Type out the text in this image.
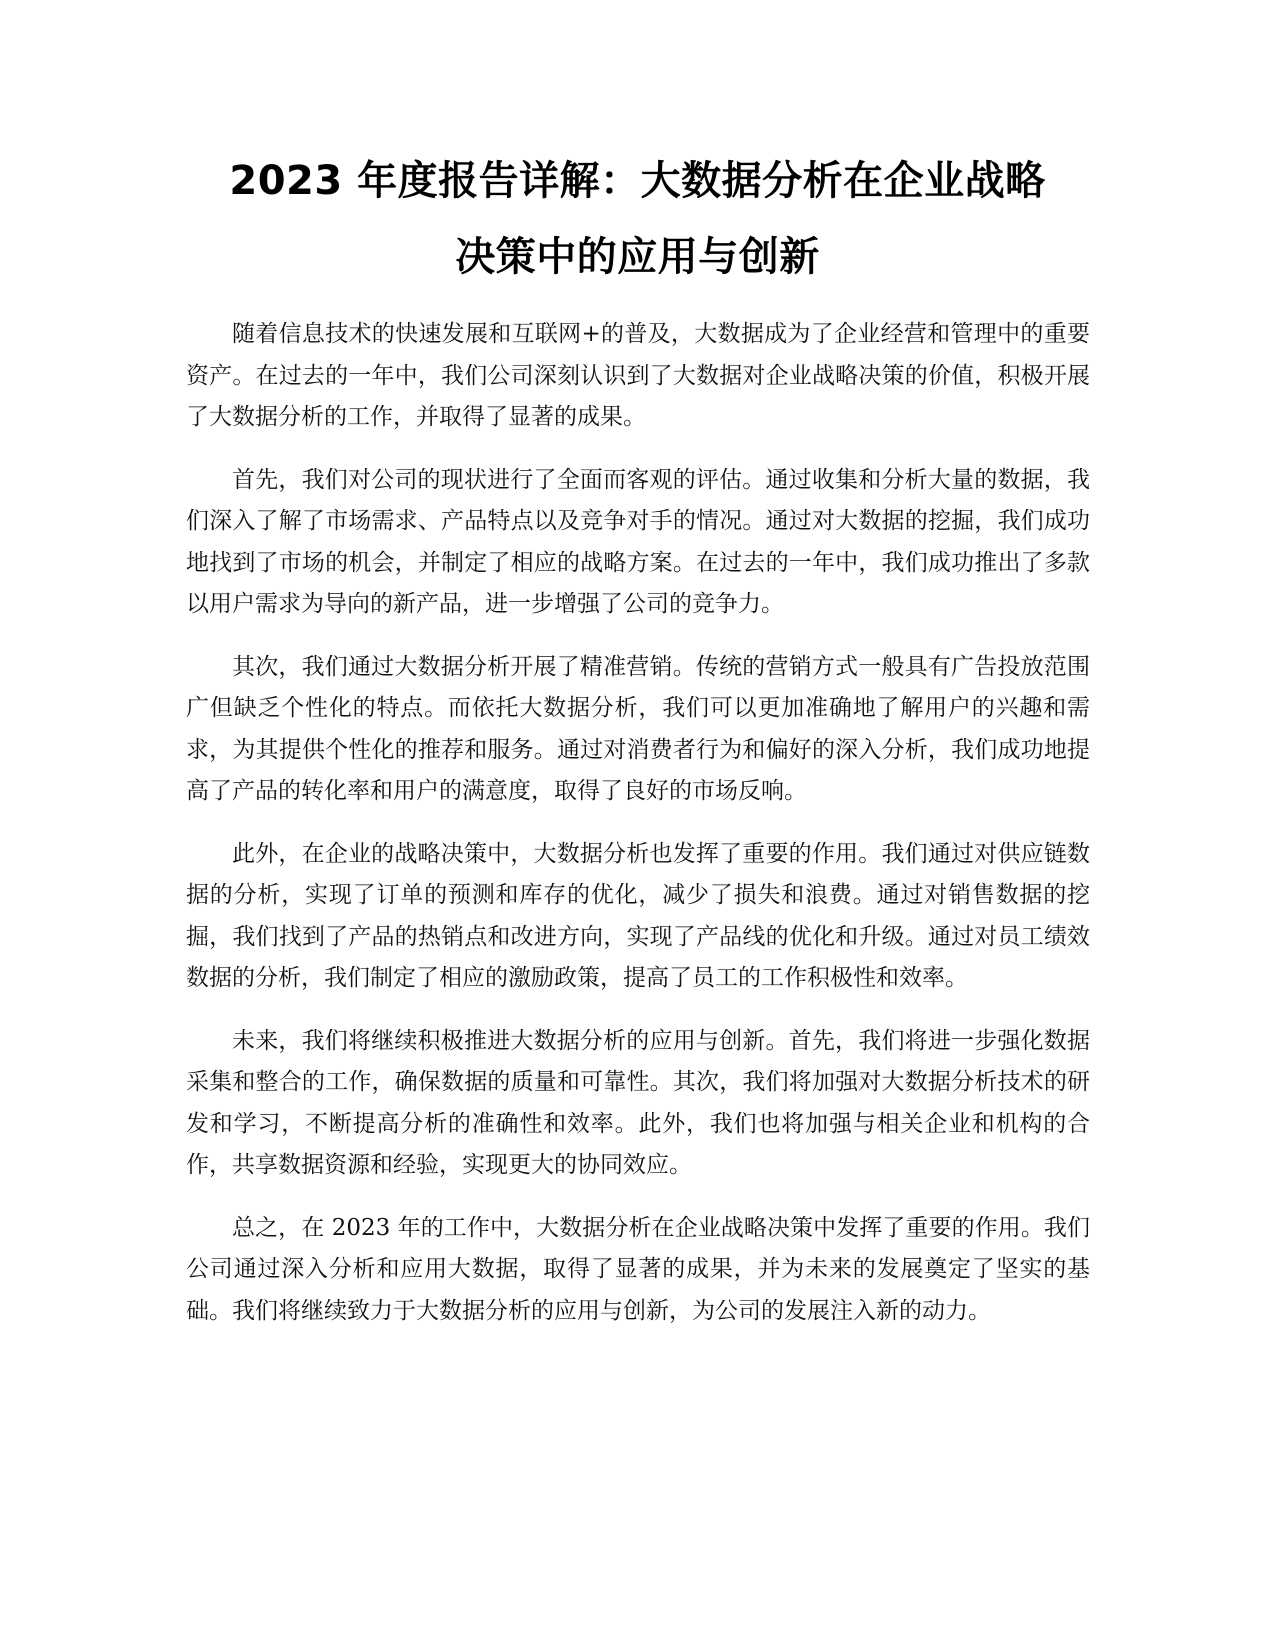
2023 年度报告详解：大数据分析在企业战略
决策中的应用与创新

随着信息技术的快速发展和互联网+的普及，大数据成为了企业经营和管理中的重要资产。在过去的一年中，我们公司深刻认识到了大数据对企业战略决策的价值，积极开展了大数据分析的工作，并取得了显著的成果。

首先，我们对公司的现状进行了全面而客观的评估。通过收集和分析大量的数据，我们深入了解了市场需求、产品特点以及竞争对手的情况。通过对大数据的挖掘，我们成功地找到了市场的机会，并制定了相应的战略方案。在过去的一年中，我们成功推出了多款以用户需求为导向的新产品，进一步增强了公司的竞争力。

其次，我们通过大数据分析开展了精准营销。传统的营销方式一般具有广告投放范围广但缺乏个性化的特点。而依托大数据分析，我们可以更加准确地了解用户的兴趣和需求，为其提供个性化的推荐和服务。通过对消费者行为和偏好的深入分析，我们成功地提高了产品的转化率和用户的满意度，取得了良好的市场反响。

此外，在企业的战略决策中，大数据分析也发挥了重要的作用。我们通过对供应链数据的分析，实现了订单的预测和库存的优化，减少了损失和浪费。通过对销售数据的挖掘，我们找到了产品的热销点和改进方向，实现了产品线的优化和升级。通过对员工绩效数据的分析，我们制定了相应的激励政策，提高了员工的工作积极性和效率。

未来，我们将继续积极推进大数据分析的应用与创新。首先，我们将进一步强化数据采集和整合的工作，确保数据的质量和可靠性。其次，我们将加强对大数据分析技术的研发和学习，不断提高分析的准确性和效率。此外，我们也将加强与相关企业和机构的合作，共享数据资源和经验，实现更大的协同效应。

总之，在 2023 年的工作中，大数据分析在企业战略决策中发挥了重要的作用。我们公司通过深入分析和应用大数据，取得了显著的成果，并为未来的发展奠定了坚实的基础。我们将继续致力于大数据分析的应用与创新，为公司的发展注入新的动力。
